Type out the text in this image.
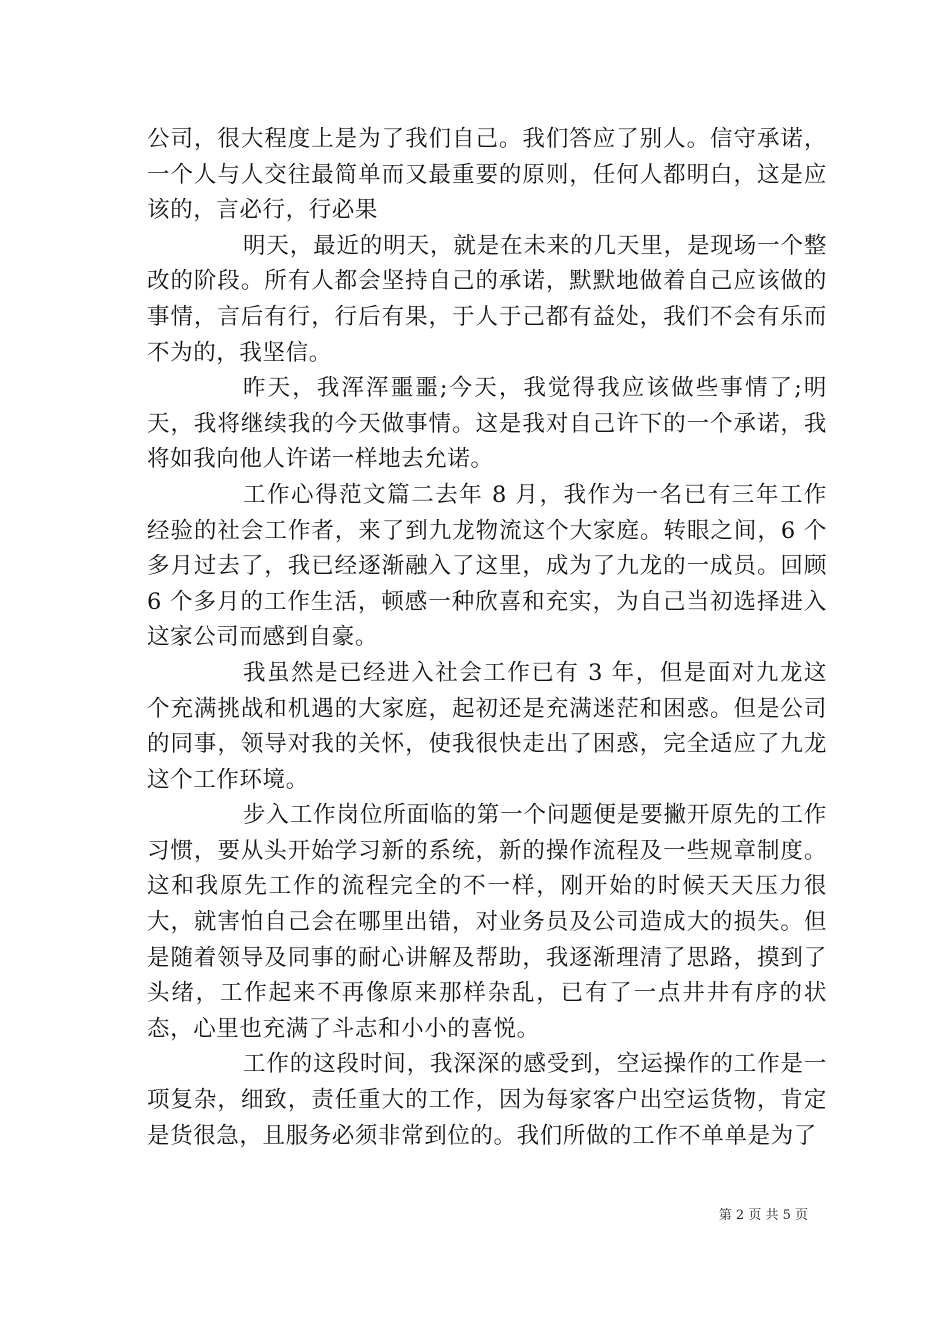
公司，很大程度上是为了我们自己。我们答应了别人。信守承诺，一个人与人交往最简单而又最重要的原则，任何人都明白，这是应该的，言必行，行必果

明天，最近的明天，就是在未来的几天里，是现场一个整改的阶段。所有人都会坚持自己的承诺，默默地做着自己应该做的事情，言后有行，行后有果，于人于己都有益处，我们不会有乐而不为的，我坚信。

昨天，我浑浑噩噩;今天，我觉得我应该做些事情了;明天，我将继续我的今天做事情。这是我对自己许下的一个承诺，我将如我向他人许诺一样地去允诺。

工作心得范文篇二去年 8 月，我作为一名已有三年工作经验的社会工作者，来了到九龙物流这个大家庭。转眼之间，6 个多月过去了，我已经逐渐融入了这里，成为了九龙的一成员。回顾 6 个多月的工作生活，顿感一种欣喜和充实，为自己当初选择进入这家公司而感到自豪。

我虽然是已经进入社会工作已有 3 年，但是面对九龙这个充满挑战和机遇的大家庭，起初还是充满迷茫和困惑。但是公司的同事，领导对我的关怀，使我很快走出了困惑，完全适应了九龙这个工作环境。

步入工作岗位所面临的第一个问题便是要撇开原先的工作习惯，要从头开始学习新的系统，新的操作流程及一些规章制度。这和我原先工作的流程完全的不一样，刚开始的时候天天压力很大，就害怕自己会在哪里出错，对业务员及公司造成大的损失。但是随着领导及同事的耐心讲解及帮助，我逐渐理清了思路，摸到了头绪，工作起来不再像原来那样杂乱，已有了一点井井有序的状态，心里也充满了斗志和小小的喜悦。

工作的这段时间，我深深的感受到，空运操作的工作是一项复杂，细致，责任重大的工作，因为每家客户出空运货物，肯定是货很急，且服务必须非常到位的。我们所做的工作不单单是为了

第 2 页 共 5 页
